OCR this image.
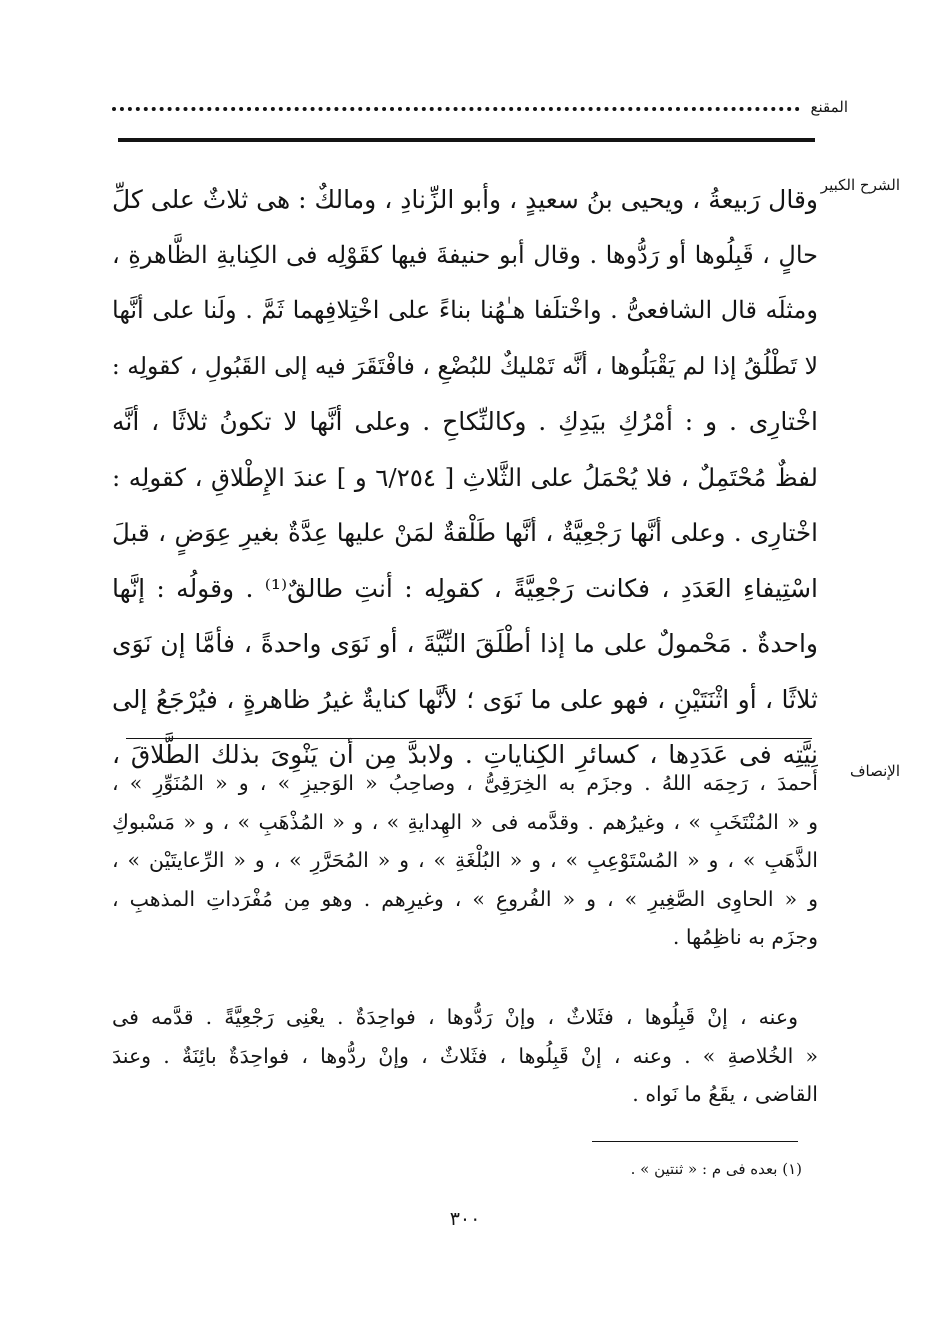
المقنع
الشرح الكبير
وقال رَبيعةُ ، ويحيى بنُ سعيدٍ ، وأبو الزِّنادِ ، ومالكٌ : هى ثلاثٌ على كلِّ
حالٍ ، قَبِلُوها أو رَدُّوها . وقال أبو حنيفةَ فيها كقَوْلِه فى الكِنايةِ الظَّاهرةِ ،
ومثلَه قال الشافعىُّ . واخْتلَفا هـٰهُنا بناءً على اخْتِلافِهما ثَمَّ . ولَنا على أنَّها
لا تَطْلُقُ إذا لم يَقْبَلُوها ، أنَّه تَمْليكٌ للبُضْعِ ، فافْتَقَرَ فيه إلى القَبُولِ ، كقولِه :
اخْتارِى . و : أمْرُكِ بيَدِكِ . وكالنِّكاحِ . وعلى أنَّها لا تكونُ ثلاثًا ، أنَّه
لفظٌ مُحْتَمِلٌ ، فلا يُحْمَلُ على الثَّلاثِ [ ٦/٢٥٤ و ] عندَ الإِطْلاقِ ، كقولِه :
اخْتارِى . وعلى أنَّها رَجْعِيَّةٌ ، أنَّها طَلْقةٌ لمَنْ عليها عِدَّةٌ بغيرِ عِوَضٍ ، قبلَ
اسْتِيفاءِ العَدَدِ ، فكانت رَجْعِيَّةً ، كقولِه : أنتِ طالقٌ⁽¹⁾ . وقولُه : إنَّها
واحدةٌ . مَحْمولٌ على ما إذا أطْلَقَ النِّيَّةَ ، أو نَوَى واحدةً ، فأمَّا إن نَوَى
ثلاثًا ، أو اثْنَتَيْنِ ، فهو على ما نَوَى ؛ لأنَّها كنايةٌ غيرُ ظاهرةٍ ، فيُرْجَعُ إلى
نِيَّتِه فى عَدَدِها ، كسائرِ الكِناياتِ . ولابدَّ مِن أن يَنْوِىَ بذلك الطَّلاقَ ،
الإنصاف
أحمدَ ، رَحِمَه اللهُ . وجزَم به الخِرَقِىُّ ، وصاحِبُ « الوَجيزِ » ، و « المُنَوِّرِ » ،
و « المُنْتَخَبِ » ، وغيرُهم . وقدَّمه فى « الهِدايةِ » ، و « المُذْهَبِ » ، و « مَسْبوكِ
الذَّهَبِ » ، و « المُسْتَوْعِبِ » ، و « البُلْغَةِ » ، و « المُحَرَّرِ » ، و « الرِّعايتَيْن » ،
و « الحاوِى الصَّغِيرِ » ، و « الفُروعِ » ، وغيرِهم . وهو مِن مُفْرَداتِ المذهبِ ،
وجزَم به ناظِمُها .
وعنه ، إنْ قَبِلُوها ، فثَلاثٌ ، وإنْ رَدُّوها ، فواحِدَةٌ . يعْنِى رَجْعِيَّةً . قدَّمه فى
« الخُلاصةِ » . وعنه ، إنْ قَبِلُوها ، فثَلاثٌ ، وإنْ ردُّوها ، فواحِدَةٌ بائِنَةٌ . وعندَ
القاضى ، يقَعُ ما نَواه .
(١) بعده فى م : « ثنتين » .
٣٠٠
